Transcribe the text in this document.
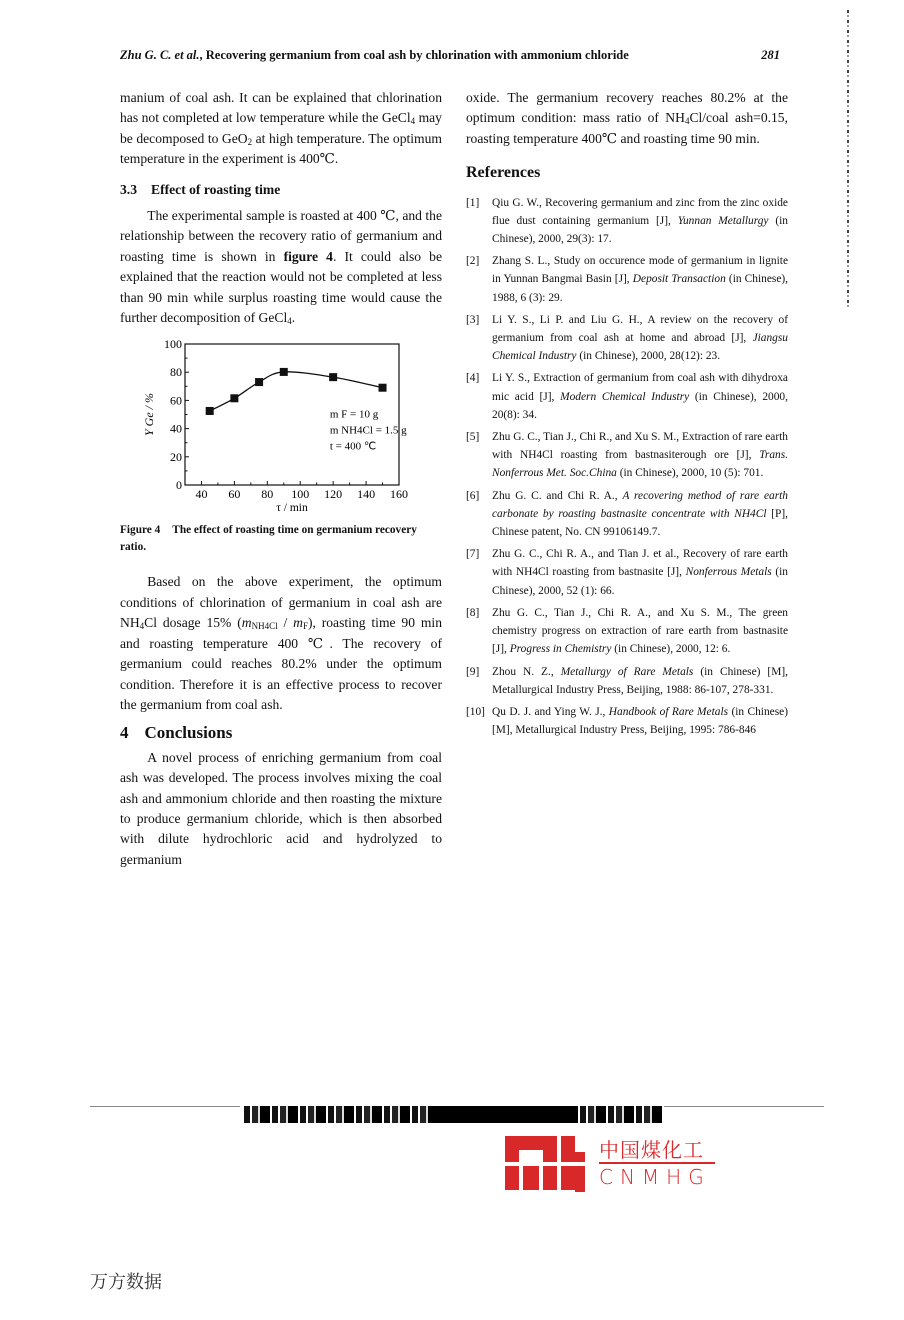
Zhu G. C. et al., Recovering germanium from coal ash by chlorination with ammonium chloride	281

manium of coal ash. It can be explained that chlorination has not completed at low temperature while the GeCl$_4$ may be decomposed to GeO$_2$ at high temperature. The optimum temperature in the experiment is 400℃.

3.3 Effect of roasting time

The experimental sample is roasted at 400 ℃, and the relationship between the recovery ratio of germanium and roasting time is shown in figure 4. It could also be explained that the reaction would not be completed at less than 90 min while surplus roasting time would cause the further decomposition of GeCl$_4$.

0
20
40
60
80
100
40 60 80 100 120 140 160
τ / min
Y Ge / %	m F = 10 g
m NH4Cl = 1.5 g
t = 400 ℃
Figure 4 The effect of roasting time on germanium recovery ratio.

Based on the above experiment, the optimum conditions of chlorination of germanium in coal ash are $NH_4Cl$ dosage 15% $(m_{NH4Cl} / m_F)$, roasting time 90 min and roasting temperature 400 ℃. The recovery of germanium could reaches 80.2% under the optimum condition. Therefore it is an effective process to recover the germanium from coal ash.

4 Conclusions

A novel process of enriching germanium from coal ash was developed. The process involves mixing the coal ash and ammonium chloride and then roasting the mixture to produce germanium chloride, which is then absorbed with dilute hydrochloric acid and hydrolyzed to germanium

oxide. The germanium recovery reaches 80.2% at the optimum condition: mass ratio of $NH_4Cl$/coal ash=0.15, roasting temperature 400℃ and roasting time 90 min.

References
[1] Qiu G. W., Recovering germanium and zinc from the zinc oxide flue dust containing germanium [J], Yunnan Metallurgy (in Chinese), 2000, 29(3): 17.
[2] Zhang S. L., Study on occurence mode of germanium in lignite in Yunnan Bangmai Basin [J], Deposit Transaction (in Chinese), 1988, 6 (3): 29.
[3] Li Y. S., Li P. and Liu G. H., A review on the recovery of germanium from coal ash at home and abroad [J], Jiangsu Chemical Industry (in Chinese), 2000, 28(12): 23.
[4] Li Y. S., Extraction of germanium from coal ash with dihydroxa mic acid [J], Modern Chemical Industry (in Chinese), 2000, 20(8): 34.
[5] Zhu G. C., Tian J., Chi R., and Xu S. M., Extraction of rare earth with NH4Cl roasting from bastnasiterough ore [J], Trans. Nonferrous Met. Soc.China (in Chinese), 2000, 10 (5): 701.
[6] Zhu G. C. and Chi R. A., A recovering method of rare earth carbonate by roasting bastnasite concentrate with NH4Cl [P], Chinese patent, No. CN 99106149.7.
[7] Zhu G. C., Chi R. A., and Tian J. et al., Recovery of rare earth with NH4Cl roasting from bastnasite [J], Nonferrous Metals (in Chinese), 2000, 52 (1): 66.
[8] Zhu G. C., Tian J., Chi R. A., and Xu S. M., The green chemistry progress on extraction of rare earth from bastnasite [J], Progress in Chemistry (in Chinese), 2000, 12: 6.
[9] Zhou N. Z., Metallurgy of Rare Metals (in Chinese) [M], Metallurgical Industry Press, Beijing, 1988: 86-107, 278-331.
[10] Qu D. J. and Ying W. J., Handbook of Rare Metals (in Chinese) [M], Metallurgical Industry Press, Beijing, 1995: 786-846
中国煤化工
CNMHG
万方数据
